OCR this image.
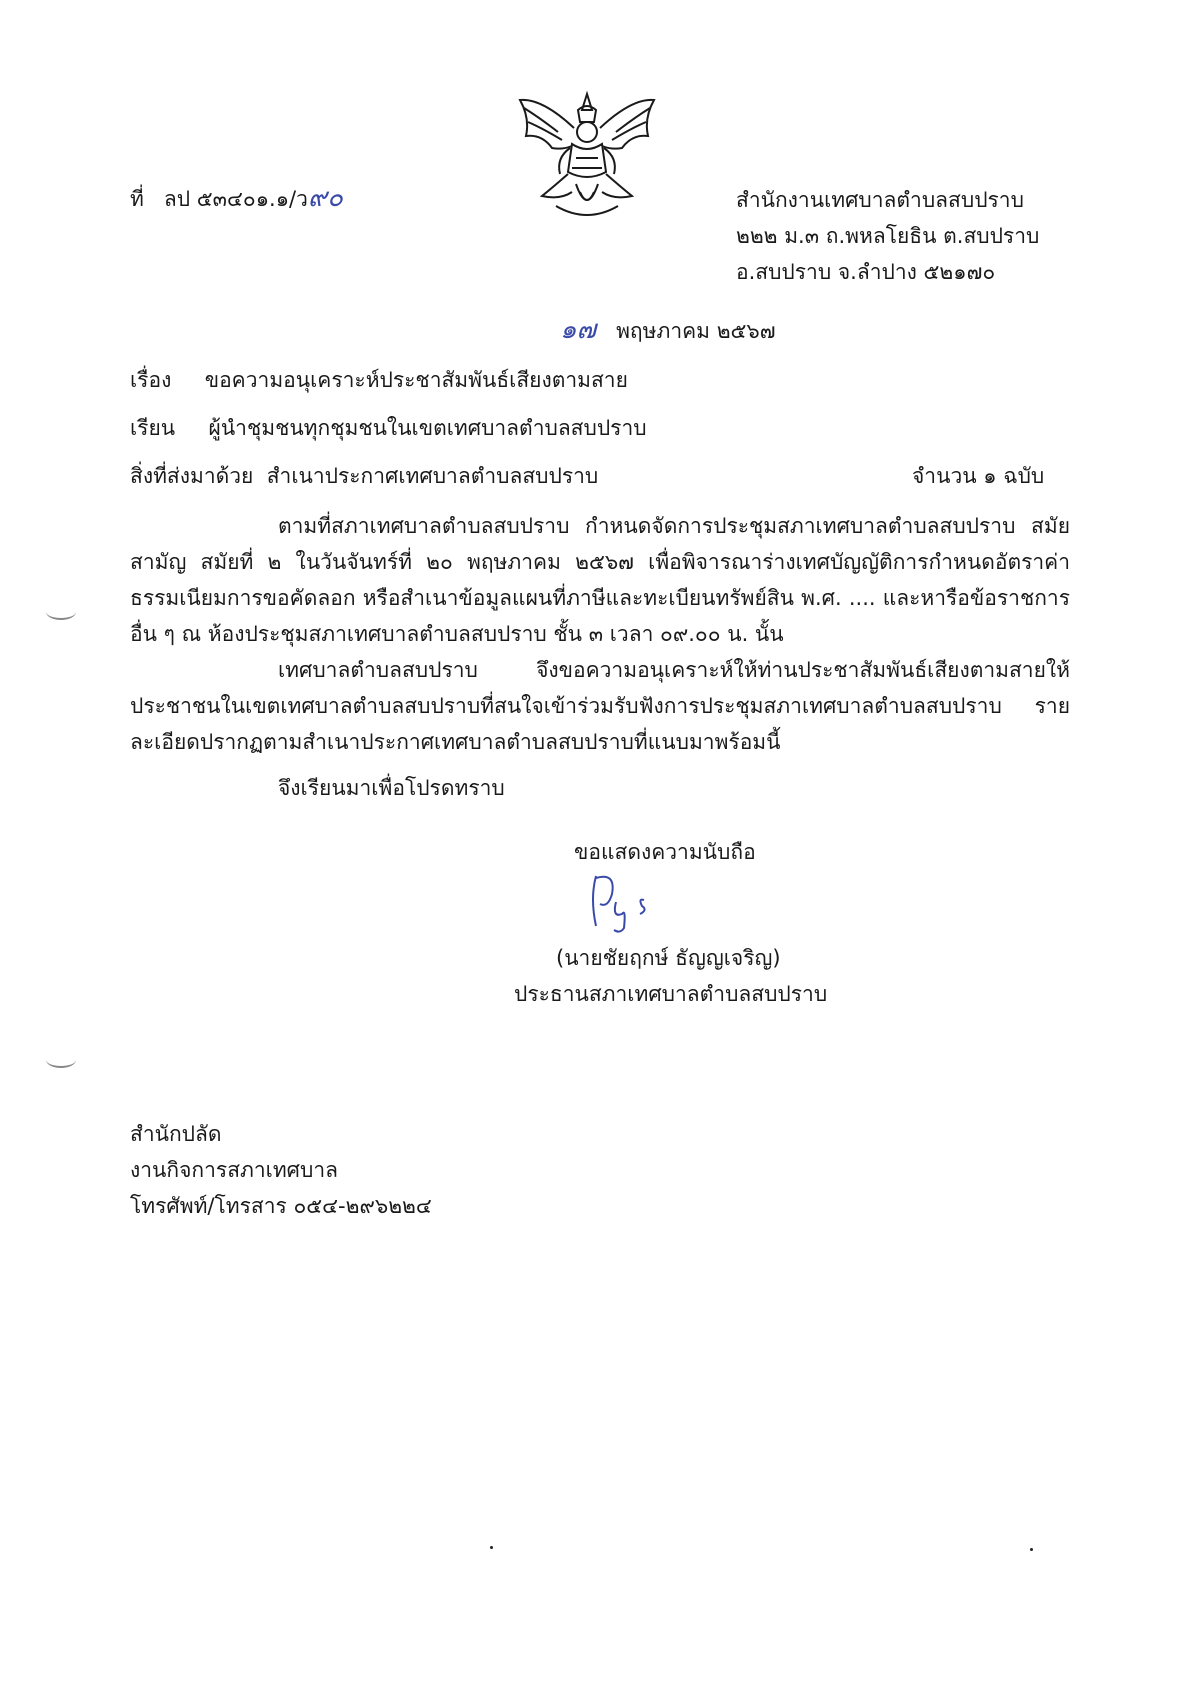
ที่ ลป ๕๓๔๐๑.๑/ว๙๐	สำนักงานเทศบาลตำบลสบปราบ
๒๒๒ ม.๓ ถ.พหลโยธิน ต.สบปราบ
อ.สบปราบ จ.ลำปาง ๕๒๑๗๐
๑๗ พฤษภาคม ๒๕๖๗
เรื่อง ขอความอนุเคราะห์ประชาสัมพันธ์เสียงตามสาย
เรียน ผู้นำชุมชนทุกชุมชนในเขตเทศบาลตำบลสบปราบ
สิ่งที่ส่งมาด้วย สำเนาประกาศเทศบาลตำบลสบปราบ	จำนวน ๑ ฉบับ
ตามที่สภาเทศบาลตำบลสบปราบ กำหนดจัดการประชุมสภาเทศบาลตำบลสบปราบ สมัยสามัญ สมัยที่ ๒ ในวันจันทร์ที่ ๒๐ พฤษภาคม ๒๕๖๗ เพื่อพิจารณาร่างเทศบัญญัติการกำหนดอัตราค่าธรรมเนียมการขอคัดลอก หรือสำเนาข้อมูลแผนที่ภาษีและทะเบียนทรัพย์สิน พ.ศ. .... และหารือข้อราชการอื่น ๆ ณ ห้องประชุมสภาเทศบาลตำบลสบปราบ ชั้น ๓ เวลา ๐๙.๐๐ น. นั้น
เทศบาลตำบลสบปราบ จึงขอความอนุเคราะห์ให้ท่านประชาสัมพันธ์เสียงตามสายให้ประชาชนในเขตเทศบาลตำบลสบปราบที่สนใจเข้าร่วมรับฟังการประชุมสภาเทศบาลตำบลสบปราบ รายละเอียดปรากฏตามสำเนาประกาศเทศบาลตำบลสบปราบที่แนบมาพร้อมนี้
จึงเรียนมาเพื่อโปรดทราบ
ขอแสดงความนับถือ
(นายชัยฤกษ์ ธัญญเจริญ)
ประธานสภาเทศบาลตำบลสบปราบ
สำนักปลัด
งานกิจการสภาเทศบาล
โทรศัพท์/โทรสาร ๐๕๔-๒๙๖๒๒๔
